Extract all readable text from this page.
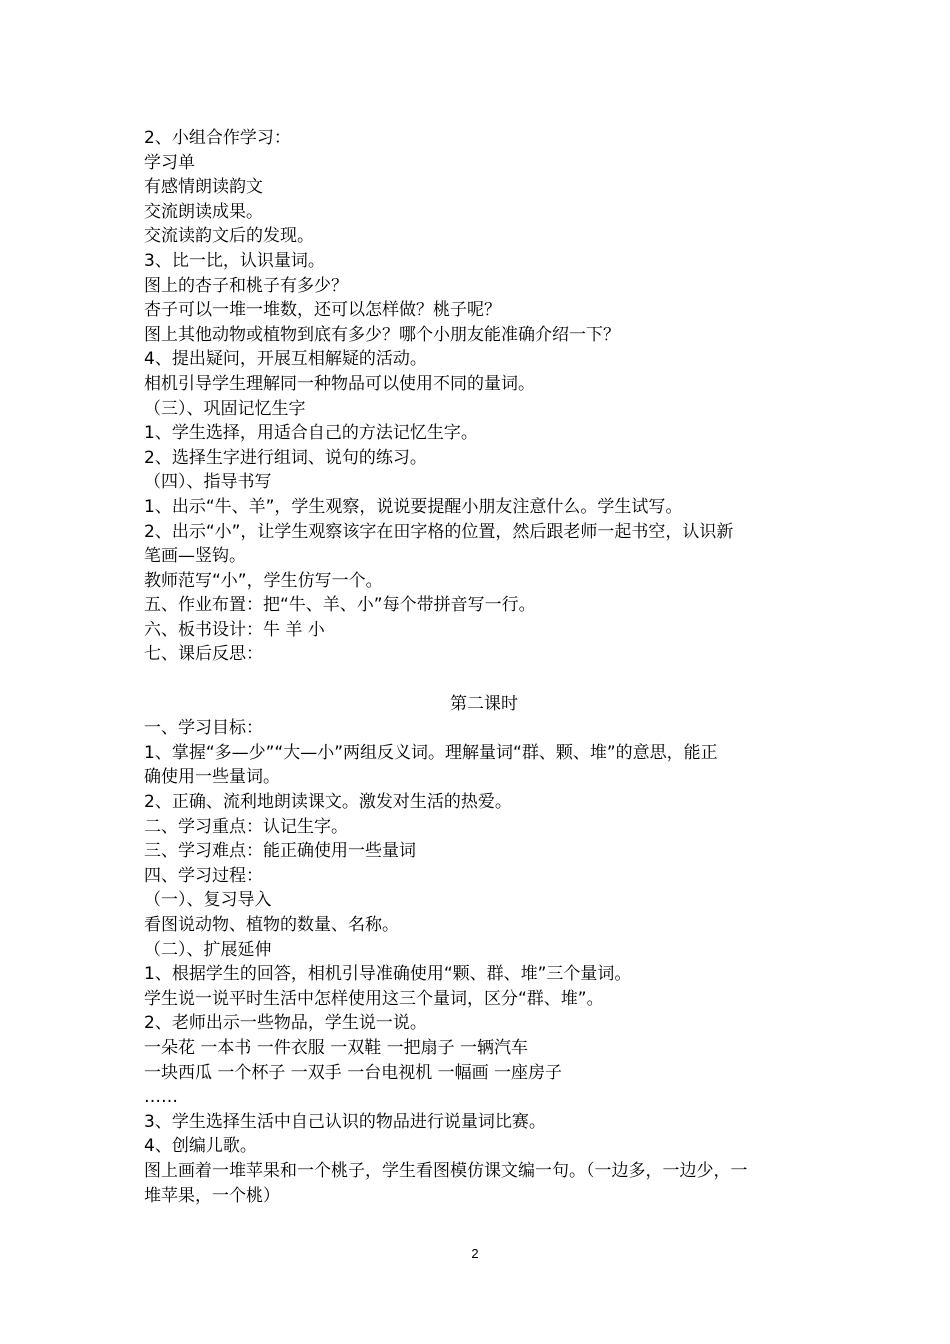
2、小组合作学习：
学习单
有感情朗读韵文
交流朗读成果。
交流读韵文后的发现。
3、比一比，认识量词。
图上的杏子和桃子有多少？
杏子可以一堆一堆数，还可以怎样做？桃子呢？
图上其他动物或植物到底有多少？哪个小朋友能准确介绍一下？
4、提出疑问，开展互相解疑的活动。
相机引导学生理解同一种物品可以使用不同的量词。
（三）、巩固记忆生字
1、学生选择，用适合自己的方法记忆生字。
2、选择生字进行组词、说句的练习。
（四）、指导书写
1、出示“牛、羊”，学生观察，说说要提醒小朋友注意什么。学生试写。
2、出示“小”，让学生观察该字在田字格的位置，然后跟老师一起书空，认识新
笔画—竖钩。
教师范写“小”，学生仿写一个。
五、作业布置：把“牛、羊、小”每个带拼音写一行。
六、板书设计：牛 羊 小
七、课后反思：
第二课时
一、学习目标：
1、掌握“多—少”“大—小”两组反义词。理解量词“群、颗、堆”的意思，能正
确使用一些量词。
2、正确、流利地朗读课文。激发对生活的热爱。
二、学习重点：认记生字。
三、学习难点：能正确使用一些量词
四、学习过程：
（一）、复习导入
看图说动物、植物的数量、名称。
（二）、扩展延伸
1、根据学生的回答，相机引导准确使用“颗、群、堆”三个量词。
学生说一说平时生活中怎样使用这三个量词，区分“群、堆”。
2、老师出示一些物品，学生说一说。
一朵花 一本书 一件衣服 一双鞋 一把扇子 一辆汽车
一块西瓜 一个杯子 一双手 一台电视机 一幅画 一座房子
……
3、学生选择生活中自己认识的物品进行说量词比赛。
4、创编儿歌。
图上画着一堆苹果和一个桃子，学生看图模仿课文编一句。（一边多，一边少，一
堆苹果，一个桃）
2
